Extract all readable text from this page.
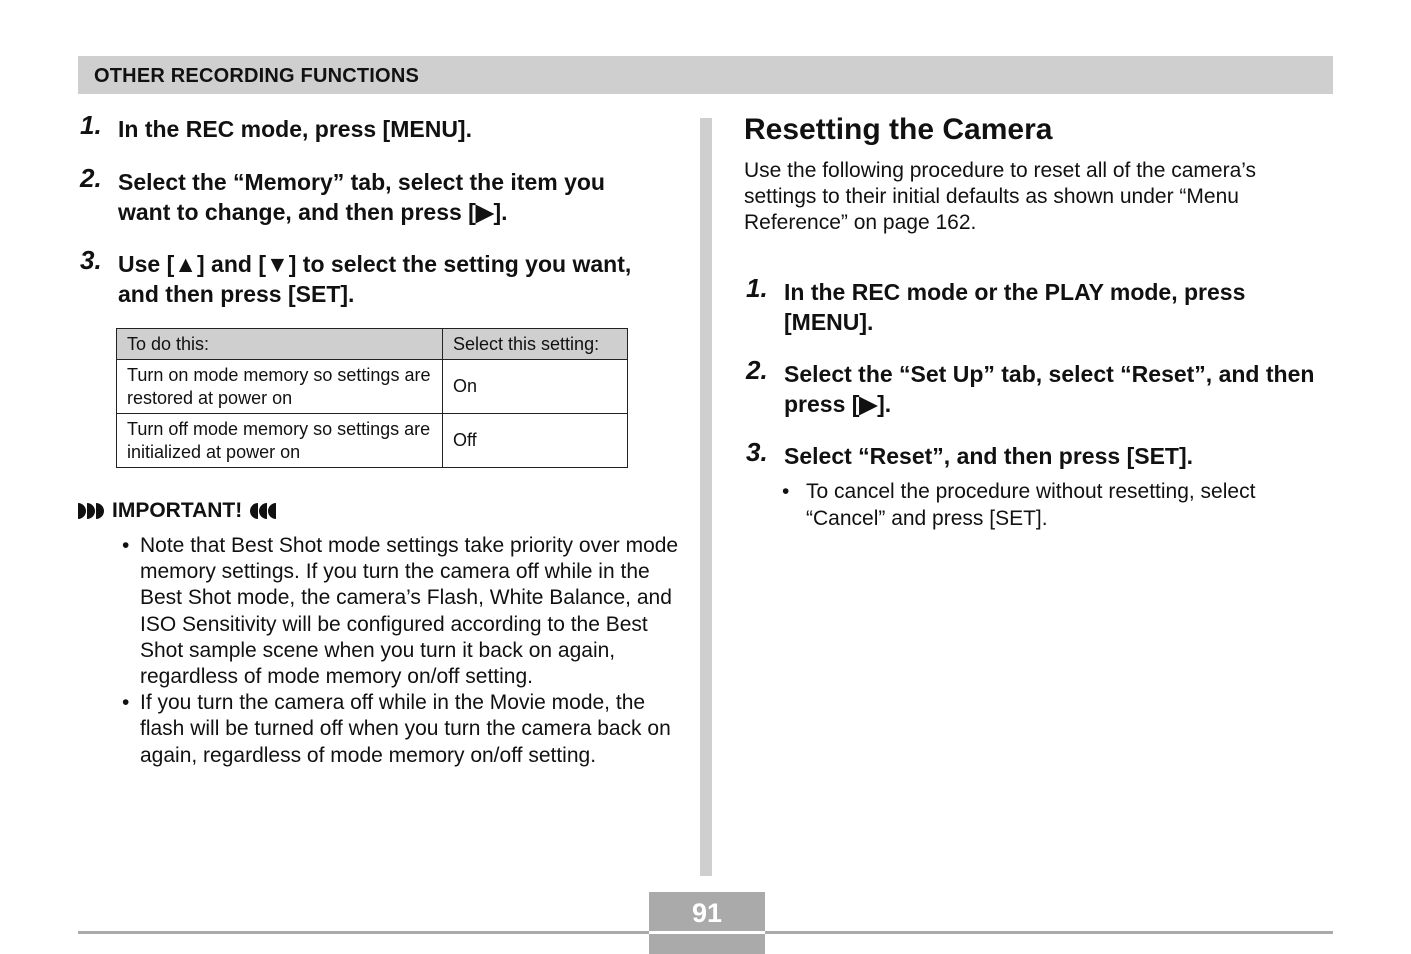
OTHER RECORDING FUNCTIONS
1. In the REC mode, press [MENU].
2. Select the “Memory” tab, select the item you want to change, and then press [▶].
3. Use [▲] and [▼] to select the setting you want, and then press [SET].
To do this:	Select this setting:
Turn on mode memory so settings are restored at power on	On
Turn off mode memory so settings are initialized at power on	Off
IMPORTANT!
• Note that Best Shot mode settings take priority over mode memory settings. If you turn the camera off while in the Best Shot mode, the camera’s Flash, White Balance, and ISO Sensitivity will be configured according to the Best Shot sample scene when you turn it back on again, regardless of mode memory on/off setting.
• If you turn the camera off while in the Movie mode, the flash will be turned off when you turn the camera back on again, regardless of mode memory on/off setting.
Resetting the Camera
Use the following procedure to reset all of the camera’s settings to their initial defaults as shown under “Menu Reference” on page 162.
1. In the REC mode or the PLAY mode, press [MENU].
2. Select the “Set Up” tab, select “Reset”, and then press [▶].
3. Select “Reset”, and then press [SET].
• To cancel the procedure without resetting, select “Cancel” and press [SET].
91
